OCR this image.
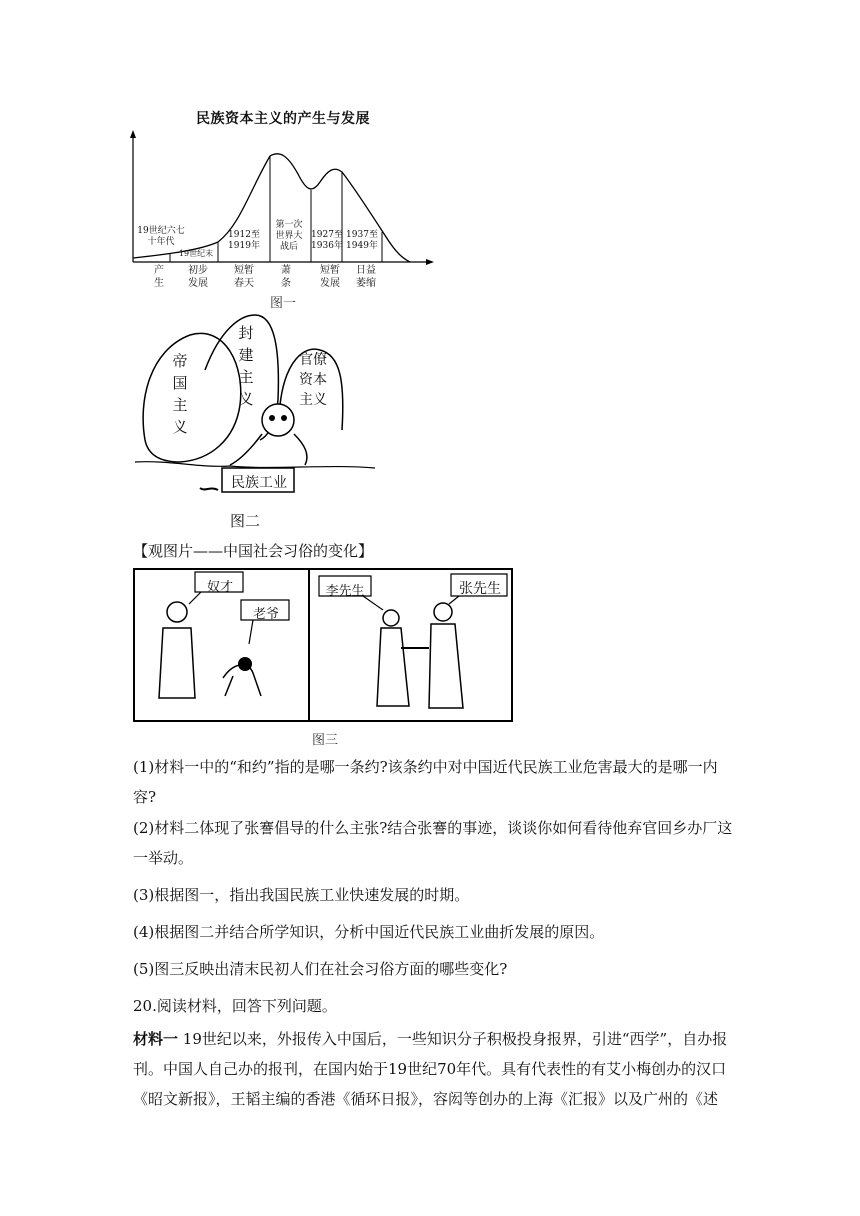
民族资本主义的产生与发展
19世纪六七十年代
19世纪末
1912至1919年
第一次世界大战后
1927至1936年
1937至1949年
产生
初步发展
短暂春天
萧条
短暂发展
日益萎缩
图一
帝国主义
封建主义
官僚资本主义
民族工业
图二
【观图片——中国社会习俗的变化】
奴才
老爷
李先生	张先生
图三
(1)材料一中的“和约”指的是哪一条约?该条约中对中国近代民族工业危害最大的是哪一内容?
(2)材料二体现了张謇倡导的什么主张?结合张謇的事迹，谈谈你如何看待他弃官回乡办厂这一举动。
(3)根据图一，指出我国民族工业快速发展的时期。
(4)根据图二并结合所学知识，分析中国近代民族工业曲折发展的原因。
(5)图三反映出清末民初人们在社会习俗方面的哪些变化?
20.阅读材料，回答下列问题。
材料一 19世纪以来，外报传入中国后，一些知识分子积极投身报界，引进“西学”，自办报刊。中国人自己办的报刊，在国内始于19世纪70年代。具有代表性的有艾小梅创办的汉口《昭文新报》，王韬主编的香港《循环日报》，容闳等创办的上海《汇报》以及广州的《述
